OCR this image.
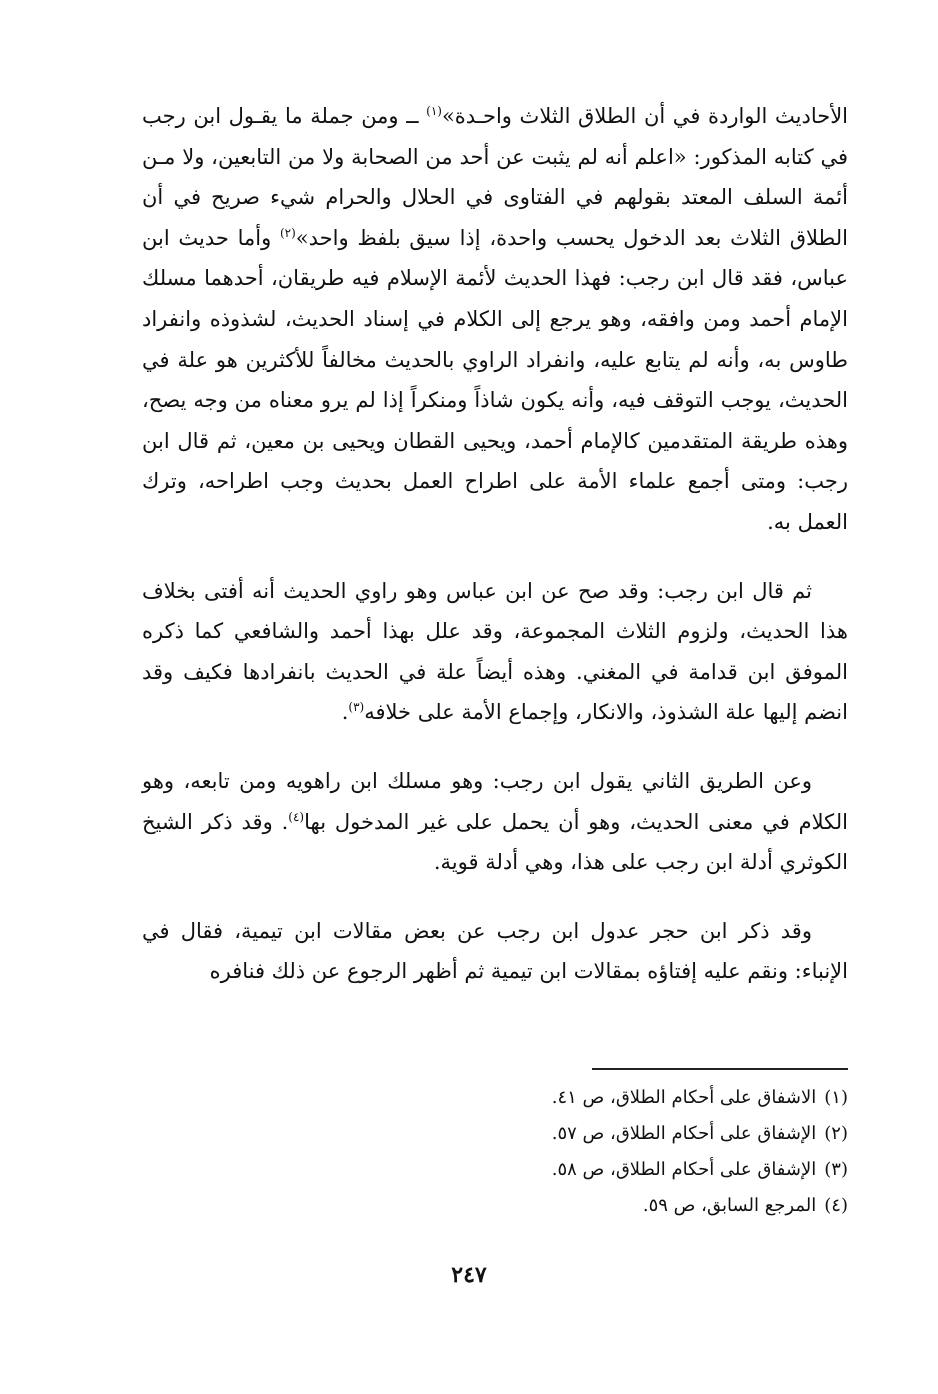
الأحاديث الواردة في أن الطلاق الثلاث واحـدة»$^{(١)}$ ــ ومن جملة ما يقـول ابن رجب في كتابه المذكور: «اعلم أنه لم يثبت عن أحد من الصحابة ولا من التابعين، ولا مـن أئمة السلف المعتد بقولهم في الفتاوى في الحلال والحرام شيء صريح في أن الطلاق الثلاث بعد الدخول يحسب واحدة، إذا سيق بلفظ واحد»$^{(٢)}$ وأما حديث ابن عباس، فقد قال ابن رجب: فهذا الحديث لأئمة الإسلام فيه طريقان، أحدهما مسلك الإمام أحمد ومن وافقه، وهو يرجع إلى الكلام في إسناد الحديث، لشذوذه وانفراد طاوس به، وأنه لم يتابع عليه، وانفراد الراوي بالحديث مخالفاً للأكثرين هو علة في الحديث، يوجب التوقف فيه، وأنه يكون شاذاً ومنكراً إذا لم يرو معناه من وجه يصح، وهذه طريقة المتقدمين كالإمام أحمد، ويحيى القطان ويحيى بن معين، ثم قال ابن رجب: ومتى أجمع علماء الأمة على اطراح العمل بحديث وجب اطراحه، وترك العمل به.

ثم قال ابن رجب: وقد صح عن ابن عباس وهو راوي الحديث أنه أفتى بخلاف هذا الحديث، ولزوم الثلاث المجموعة، وقد علل بهذا أحمد والشافعي كما ذكره الموفق ابن قدامة في المغني. وهذه أيضاً علة في الحديث بانفرادها فكيف وقد انضم إليها علة الشذوذ، والانكار، وإجماع الأمة على خلافه$^{(٣)}$.

وعن الطريق الثاني يقول ابن رجب: وهو مسلك ابن راهويه ومن تابعه، وهو الكلام في معنى الحديث، وهو أن يحمل على غير المدخول بها$^{(٤)}$. وقد ذكر الشيخ الكوثري أدلة ابن رجب على هذا، وهي أدلة قوية.

وقد ذكر ابن حجر عدول ابن رجب عن بعض مقالات ابن تيمية، فقال في الإنباء: ونقم عليه إفتاؤه بمقالات ابن تيمية ثم أظهر الرجوع عن ذلك فنافره

(١)الاشفاق على أحكام الطلاق، ص ٤١.
(٢)الإشفاق على أحكام الطلاق، ص ٥٧.
(٣)الإشفاق على أحكام الطلاق، ص ٥٨.
(٤)المرجع السابق، ص ٥٩.
٢٤٧
